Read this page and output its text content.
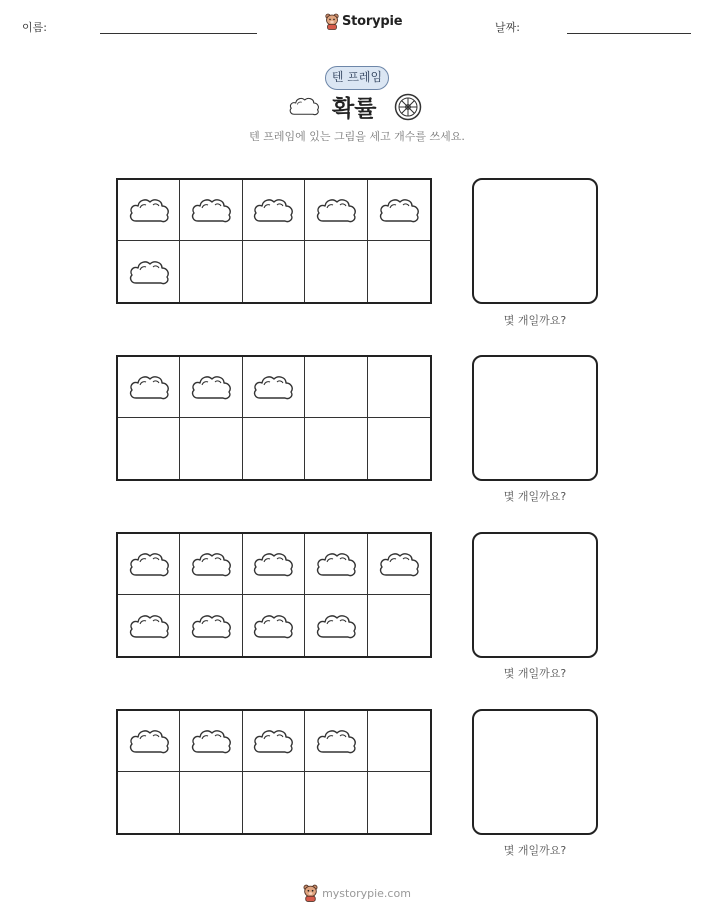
이름:	Storypie	날짜:
텐 프레임
확률
텐 프레임에 있는 그림을 세고 개수를 쓰세요.
몇 개일까요?
몇 개일까요?
몇 개일까요?
몇 개일까요?
mystorypie.com
